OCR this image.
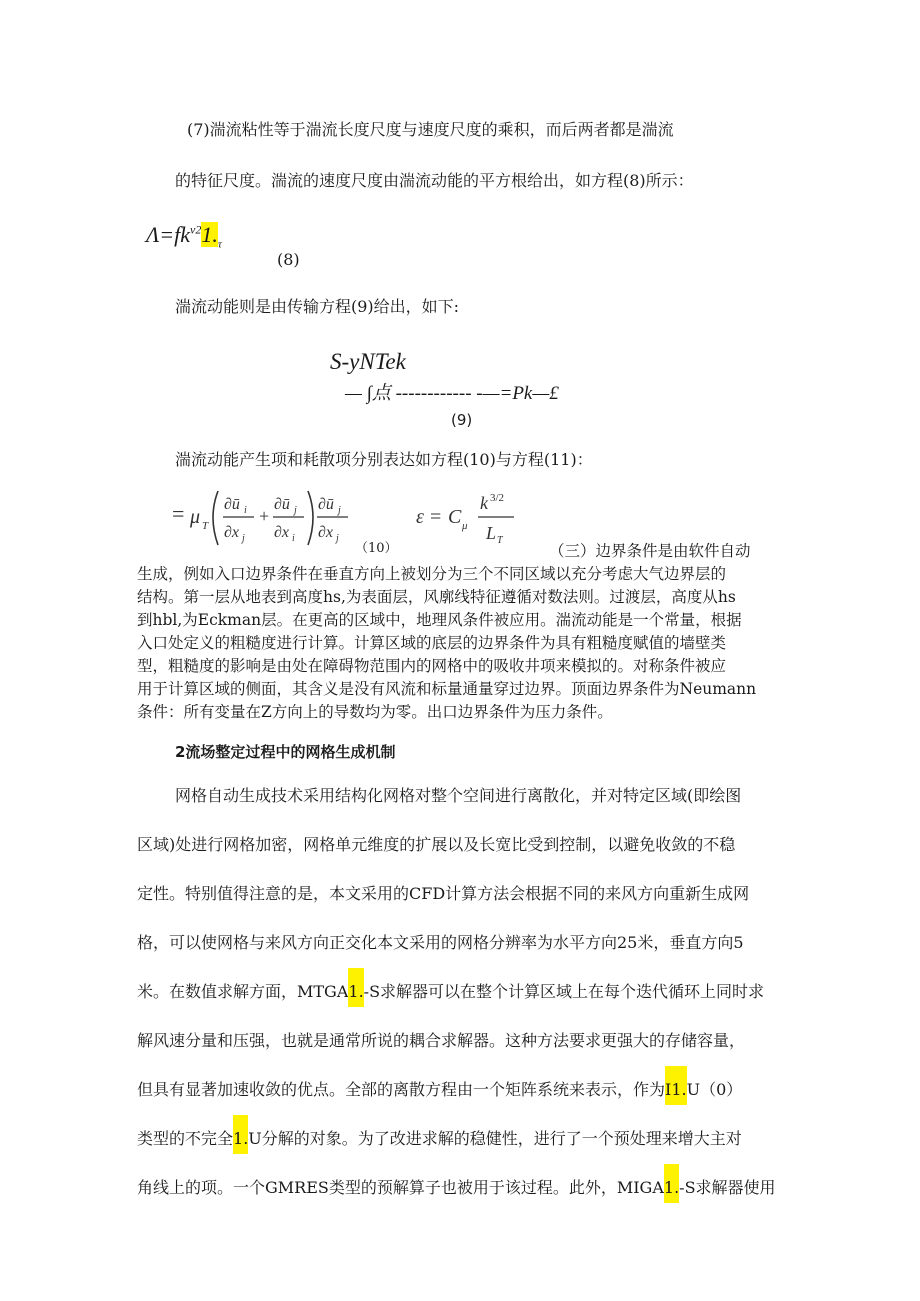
(7)湍流粘性等于湍流长度尺度与速度尺度的乘积，而后两者都是湍流
的特征尺度。湍流的速度尺度由湍流动能的平方根给出，如方程(8)所示：
$\Lambda=fk^{v2}1._\tau$
(8)
湍流动能则是由传输方程(9)给出，如下:
S-yNTek
— ∫点 ------------ -—=Pk—£
(9)
湍流动能产生项和耗散项分别表达如方程(10)与方程(11)：
= μ T
∂ū i
∂x j
+
∂ū j
∂x i
∂ū j
∂x j
ε = C μ
k 3/2
L T
（10）	（三）边界条件是由软件自动
生成，例如入口边界条件在垂直方向上被划分为三个不同区域以充分考虑大气边界层的
结构。第一层从地表到高度hs,为表面层，风廓线特征遵循对数法则。过渡层，高度从hs
到hbl,为Eckman层。在更高的区域中，地理风条件被应用。湍流动能是一个常量，根据
入口处定义的粗糙度进行计算。计算区域的底层的边界条件为具有粗糙度赋值的墙壁类
型，粗糙度的影响是由处在障碍物范围内的网格中的吸收井项来模拟的。对称条件被应
用于计算区域的侧面，其含义是没有风流和标量通量穿过边界。顶面边界条件为Neumann
条件：所有变量在Z方向上的导数均为零。出口边界条件为压力条件。
2流场整定过程中的网格生成机制
网格自动生成技术采用结构化网格对整个空间进行离散化，并对特定区域(即绘图
区域)处进行网格加密，网格单元维度的扩展以及长宽比受到控制，以避免收敛的不稳
定性。特别值得注意的是，本文采用的CFD计算方法会根据不同的来风方向重新生成网
格，可以使网格与来风方向正交化本文采用的网格分辨率为水平方向25米，垂直方向5
米。在数值求解方面，MTGA1.-S求解器可以在整个计算区域上在每个迭代循环上同时求
解风速分量和压强，也就是通常所说的耦合求解器。这种方法要求更强大的存储容量，
但具有显著加速收敛的优点。全部的离散方程由一个矩阵系统来表示，作为I1.U（0）
类型的不完全1.U分解的对象。为了改进求解的稳健性，进行了一个预处理来增大主对
角线上的项。一个GMRES类型的预解算子也被用于该过程。此外，MIGA1.-S求解器使用
